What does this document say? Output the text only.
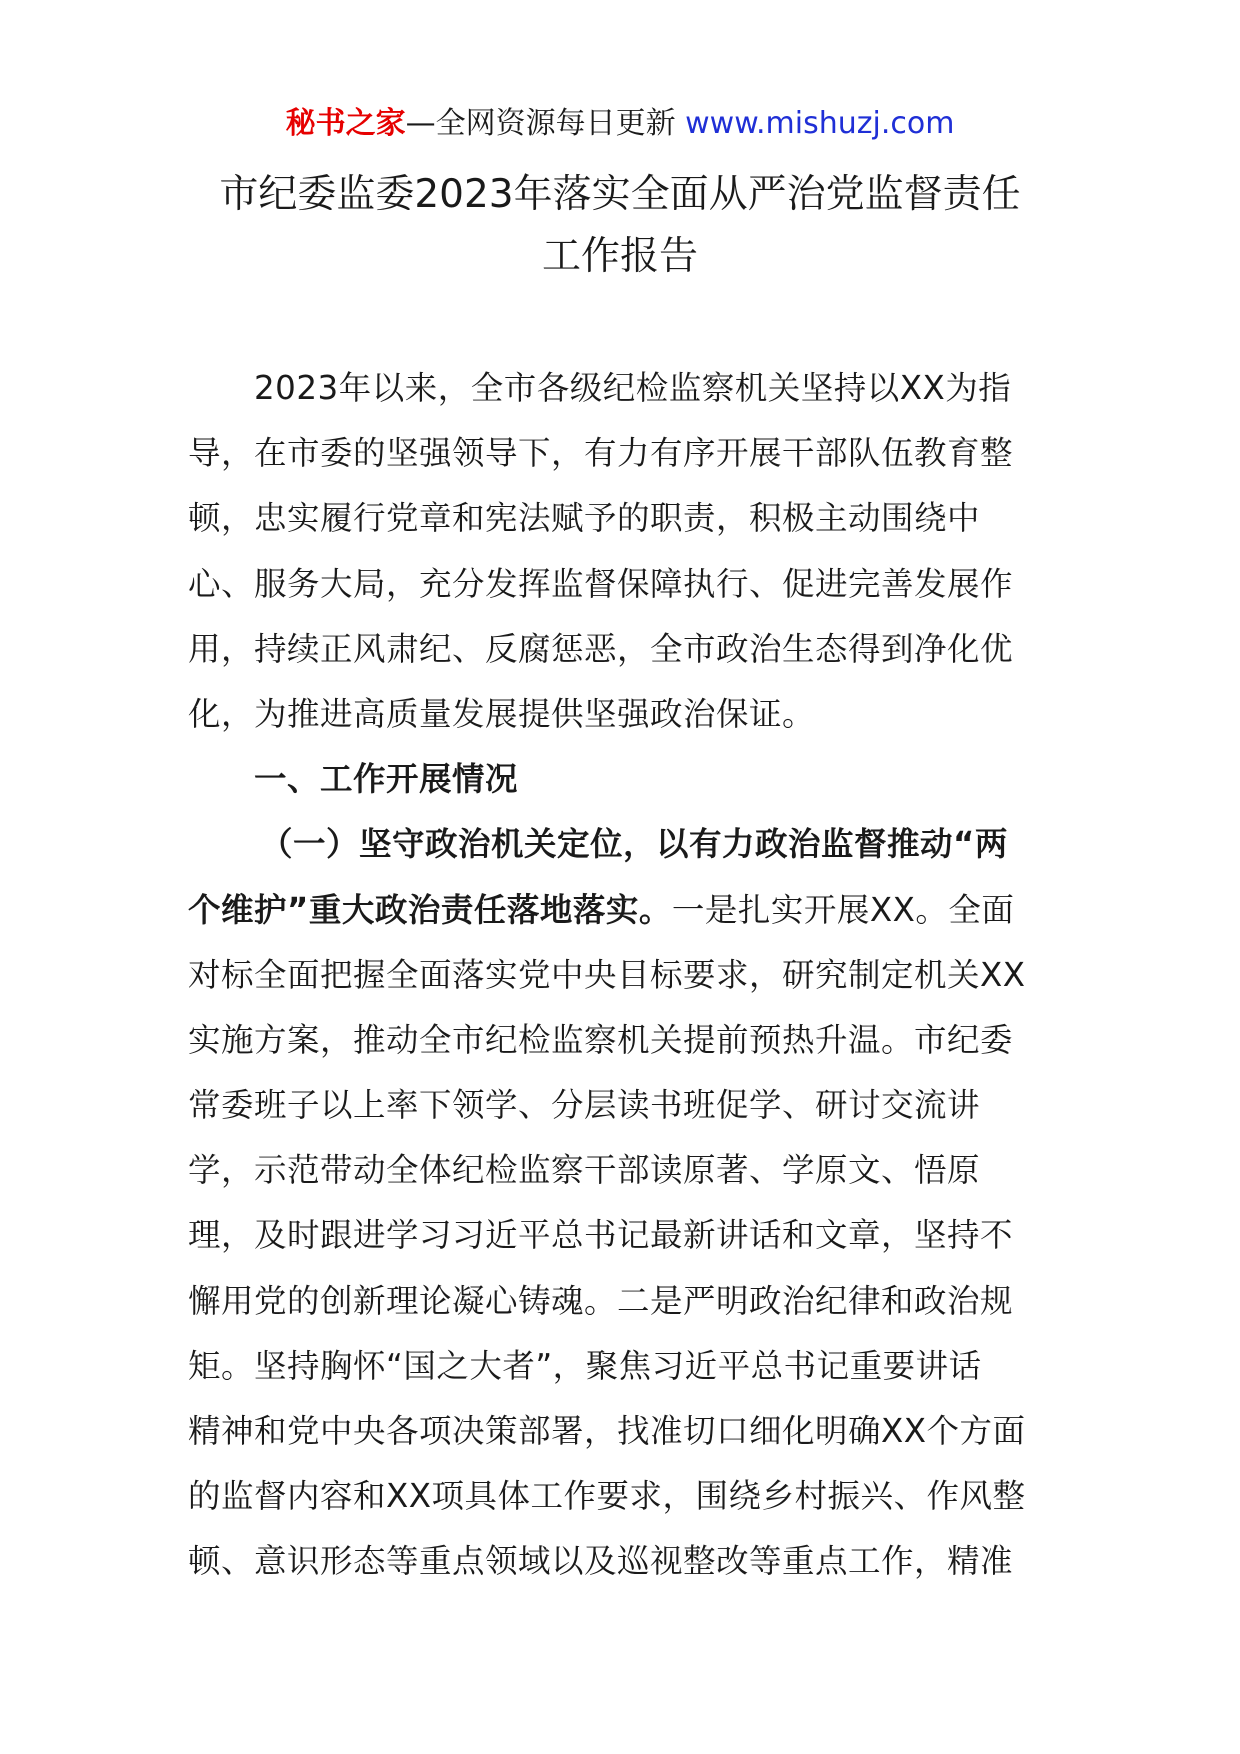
秘书之家—全网资源每日更新 www.mishuzj.com
市纪委监委2023年落实全面从严治党监督责任
工作报告
2023年以来，全市各级纪检监察机关坚持以XX为指
导，在市委的坚强领导下，有力有序开展干部队伍教育整
顿，忠实履行党章和宪法赋予的职责，积极主动围绕中
心、服务大局，充分发挥监督保障执行、促进完善发展作
用，持续正风肃纪、反腐惩恶，全市政治生态得到净化优
化，为推进高质量发展提供坚强政治保证。
一、工作开展情况
（一）坚守政治机关定位，以有力政治监督推动“两
个维护”重大政治责任落地落实。一是扎实开展XX。全面
对标全面把握全面落实党中央目标要求，研究制定机关XX
实施方案，推动全市纪检监察机关提前预热升温。市纪委
常委班子以上率下领学、分层读书班促学、研讨交流讲
学，示范带动全体纪检监察干部读原著、学原文、悟原
理，及时跟进学习习近平总书记最新讲话和文章，坚持不
懈用党的创新理论凝心铸魂。二是严明政治纪律和政治规
矩。坚持胸怀“国之大者”，聚焦习近平总书记重要讲话
精神和党中央各项决策部署，找准切口细化明确XX个方面
的监督内容和XX项具体工作要求，围绕乡村振兴、作风整
顿、意识形态等重点领域以及巡视整改等重点工作，精准
